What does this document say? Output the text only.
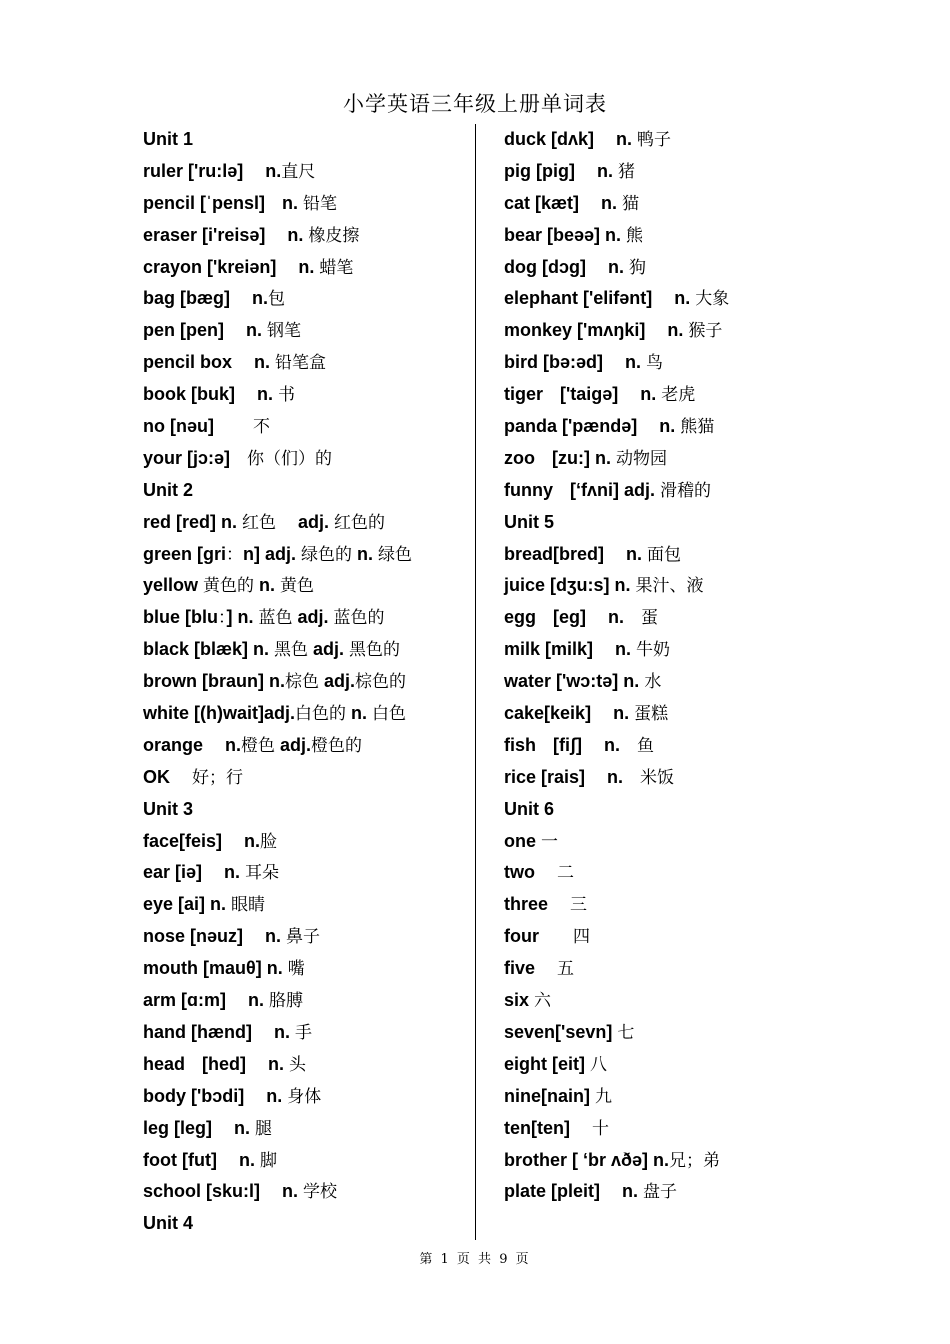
小学英语三年级上册单词表
Unit 1
ruler ['ru:lə]　 n.直尺
pencil [ˈpensl]　 n. 铅笔
eraser [i'reisə]　 n. 橡皮擦
crayon ['kreiən]　 n. 蜡笔
bag [bæg]　 n.包
pen [pen]　 n. 钢笔
pencil box　 n. 铅笔盒
book [buk]　 n. 书
no [nəu]　　 不
your [jɔ:ə]　你（们）的
Unit 2
red [red] n. 红色　 adj. 红色的
green [ɡri：n] adj. 绿色的 n. 绿色
yellow 黄色的 n. 黄色
blue [blu：] n. 蓝色 adj. 蓝色的
black [blæk] n. 黑色 adj. 黑色的
brown [braun] n.棕色 adj.棕色的
white [(h)wait]adj.白色的 n. 白色
orange　 n.橙色 adj.橙色的
OK　 好；行
Unit 3
face[feis]　 n.脸
ear [iə]　 n. 耳朵
eye [ai] n. 眼睛
nose [nəuz]　 n. 鼻子
mouth [mauθ] n. 嘴
arm [ɑ:m]　 n. 胳膊
hand [hænd]　 n. 手
head　 [hed]　 n. 头
body ['bɔdi]　 n. 身体
leg [leg]　 n. 腿
foot [fut]　 n. 脚
school [sku:l]　 n. 学校
Unit 4
duck [dʌk]　 n. 鸭子
pig [pig]　 n. 猪
cat [kæt]　 n. 猫
bear [beəə] n. 熊
dog [dɔg]　 n. 狗
elephant ['elifənt]　 n. 大象
monkey ['mʌŋki]　 n. 猴子
bird [bə:əd]　 n. 鸟
tiger　 ['taigə]　 n. 老虎
panda ['pændə]　 n. 熊猫
zoo　 [zu:] n. 动物园
funny　 [‘fʌni] adj. 滑稽的
Unit 5
bread[bred]　 n. 面包
juice [dʒu:s] n. 果汁、液
egg　 [eg]　 n.　蛋
milk [milk]　 n. 牛奶
water ['wɔ:tə] n. 水
cake[keik]　 n. 蛋糕
fish　 [fiʃ]　 n.　鱼
rice [rais]　 n.　米饭
Unit 6
one 一
two　 二
three　 三
four　　四
five　 五
six 六
seven['sevn] 七
eight [eit] 八
nine[nain] 九
ten[ten]　 十
brother [ ‘br ʌðə] n.兄；弟
plate [pleit]　 n. 盘子
第 1 页 共 9 页
